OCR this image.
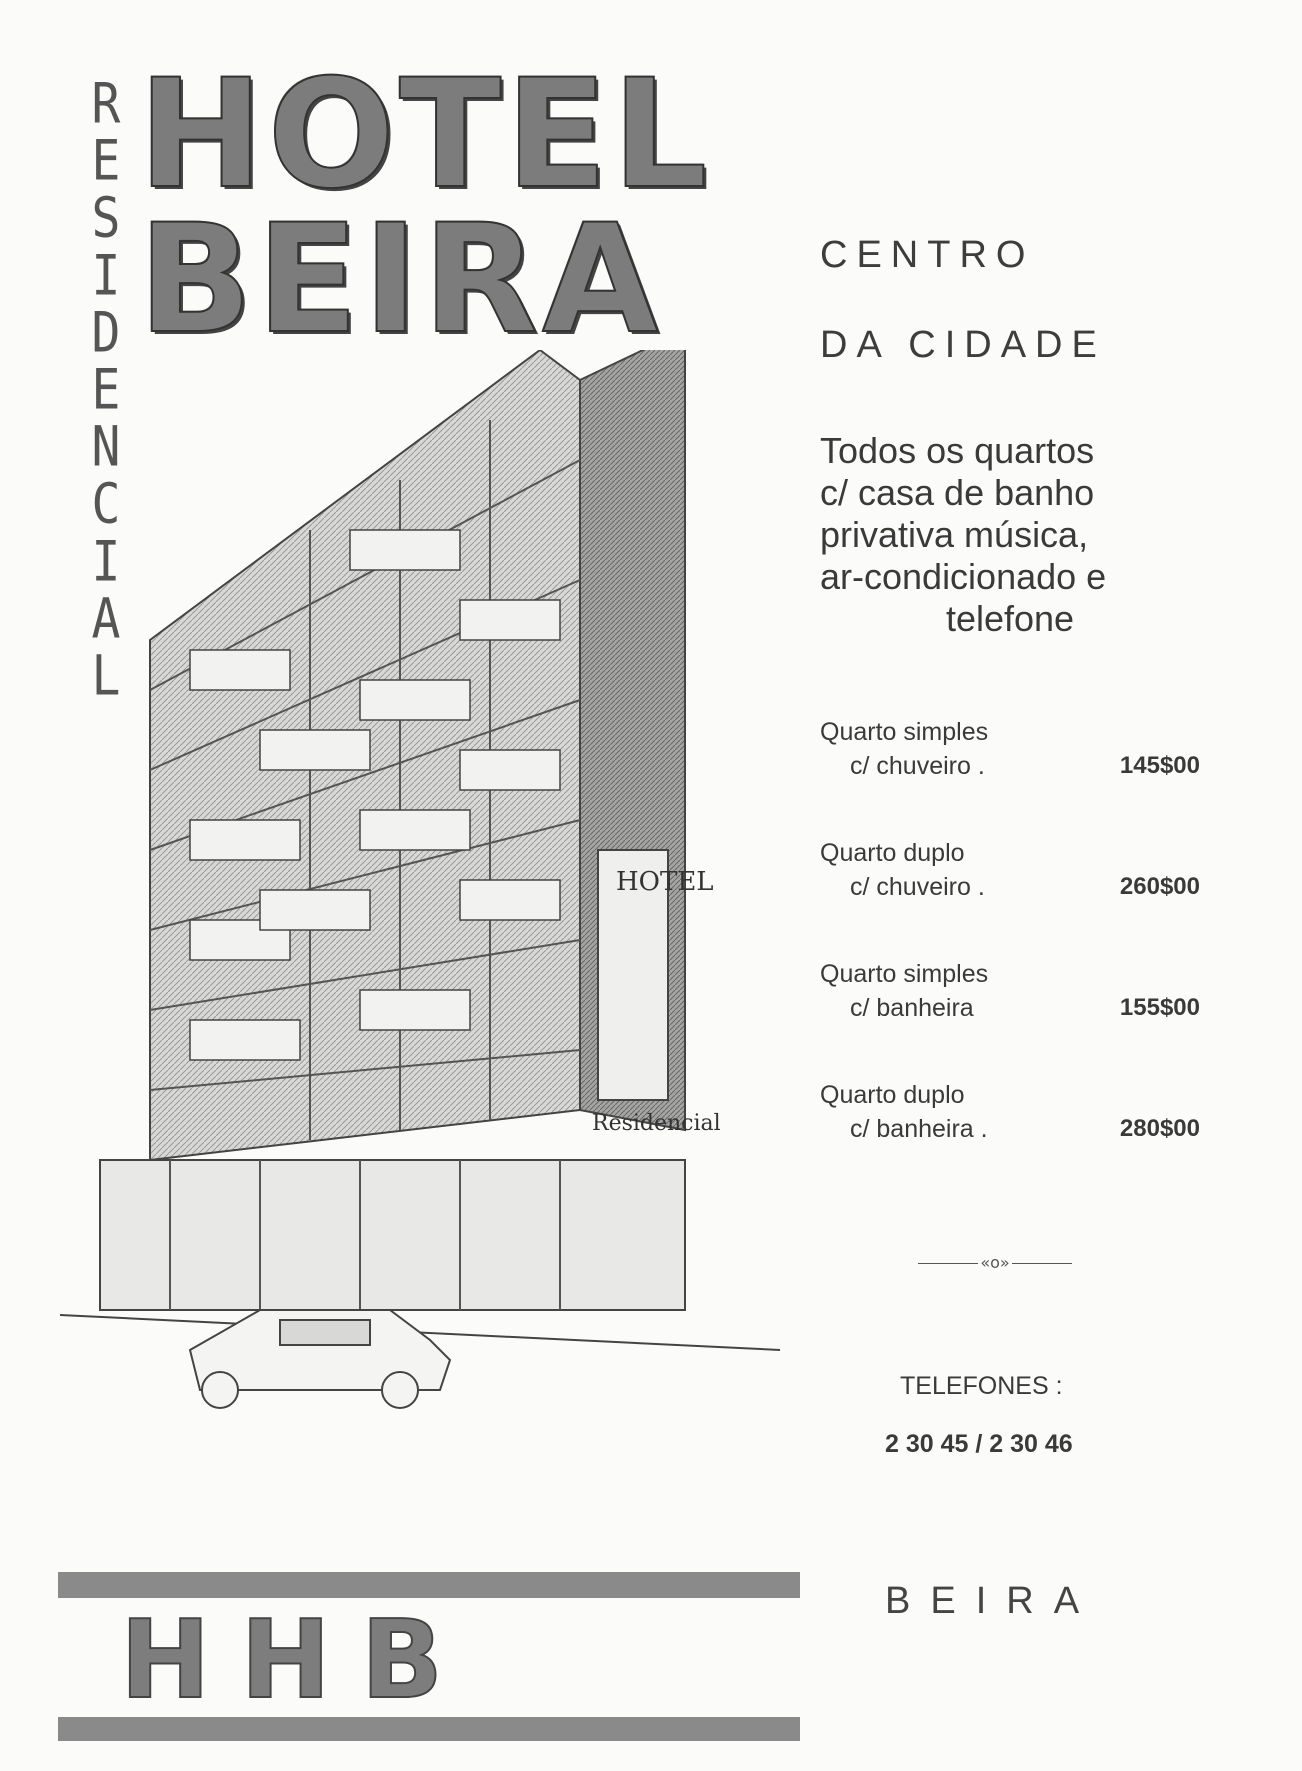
R
E
S
I
D
E
N
C
I
A
L
HOTEL
BEIRA
HOTEL
Residencial
HHB
CENTRO
DA CIDADE
Todos os quartos
c/ casa de banho
privativa música,
ar-condicionado e
telefone
Quarto simples
c/ chuveiro .	145$00
Quarto duplo
c/ chuveiro .	260$00
Quarto simples
c/ banheira	155$00
Quarto duplo
c/ banheira .	280$00
«o»
TELEFONES :
2 30 45 / 2 30 46
BEIRA
